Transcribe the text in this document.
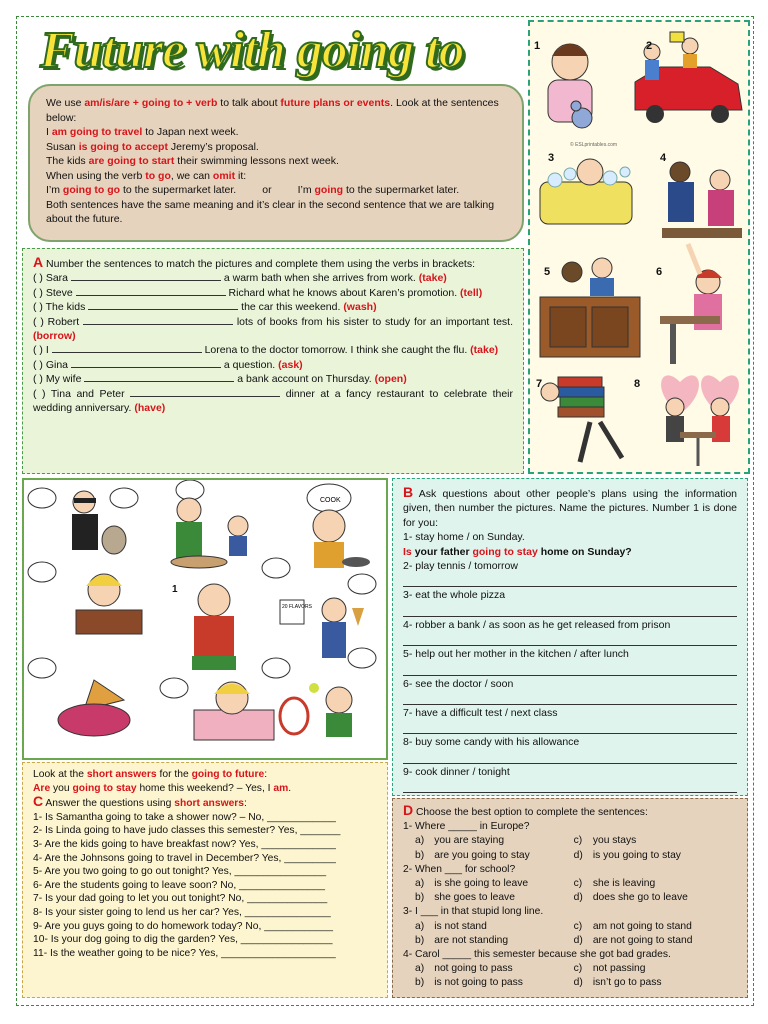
Future with going to
We use am/is/are + going to + verb to talk about future plans or events. Look at the sentences below:
I am going to travel to Japan next week.
Susan is going to accept Jeremy’s proposal.
The kids are going to start their swimming lessons next week.
When using the verb to go, we can omit it:
I’m going to go to the supermarket later. or I’m going to the supermarket later.
Both sentences have the same meaning and it’s clear in the second sentence that we are talking about the future.
A Number the sentences to match the pictures and complete them using the verbs in brackets:
( ) Sara	a warm bath when she arrives from work. (take)
( ) Steve	Richard what he knows about Karen’s promotion. (tell)
( ) The kids	the car this weekend. (wash)
( ) Robert	lots of books from his sister to study for an important test. (borrow)
( ) I	Lorena to the doctor tomorrow. I think she caught the flu. (take)
( ) Gina	a question. (ask)
( ) My wife	a bank account on Thursday. (open)
( ) Tina and Peter	dinner at a fancy restaurant to celebrate their wedding anniversary. (have)
1	2
3	4
5	6
7	8
© ESLprintables.com
COOK
20 FLAVORS
1
B Ask questions about other people’s plans using the information given, then number the pictures. Name the pictures. Number 1 is done for you:
1- stay home / on Sunday.
Is your father going to stay home on Sunday?
2- play tennis / tomorrow
3- eat the whole pizza
4- robber a bank / as soon as he get released from prison
5- help out her mother in the kitchen / after lunch
6- see the doctor / soon
7- have a difficult test / next class
8- buy some candy with his allowance
9- cook dinner / tonight
Look at the short answers for the going to future:
Are you going to stay home this weekend? – Yes, I am.
C Answer the questions using short answers:
1- Is Samantha going to take a shower now? – No, ____________
2- Is Linda going to have judo classes this semester? Yes, _______
3- Are the kids going to have breakfast now? Yes, _____________
4- Are the Johnsons going to travel in December? Yes, _________
5- Are you two going to go out tonight? Yes, ________________
6- Are the students going to leave soon? No, _______________
7- Is your dad going to let you out tonight? No, ______________
8- Is your sister going to lend us her car? Yes, _______________
9- Are you guys going to do homework today? No, ____________
10- Is your dog going to dig the garden? Yes, ________________
11- Is the weather going to be nice? Yes, ____________________
D Choose the best option to complete the sentences:
1- Where _____ in Europe?
a) you are staying	c)	you stays
b) are you going to stay	d) is you going to stay
2- When ___ for school?
a) is she going to leave	c)	she is leaving
b) she goes to leave	d) does she go to leave
3- I ___ in that stupid long line.
a) is not stand	c)	am not going to stand
b) are not standing	d) are not going to stand
4- Carol _____ this semester because she got bad grades.
a) not going to pass	c)	not passing
b) is not going to pass	d) isn’t go to pass
